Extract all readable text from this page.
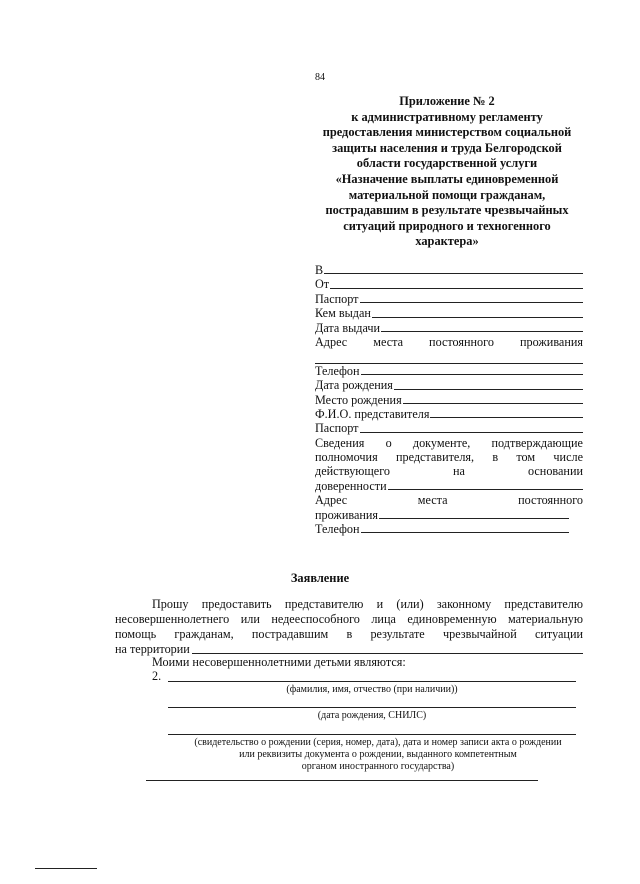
84
Приложение № 2
к административному регламенту
предоставления министерством социальной
защиты населения и труда Белгородской
области государственной услуги
«Назначение выплаты единовременной
материальной помощи гражданам,
пострадавшим в результате чрезвычайных
ситуаций природного и техногенного
характера»
В
От
Паспорт
Кем выдан
Дата выдачи
Адрес места постоянного проживания
Телефон
Дата рождения
Место рождения
Ф.И.О. представителя
Паспорт
Сведения о документе, подтверждающие
полномочия представителя, в том числе
действующего	на	основании
доверенности
Адрес	места	постоянного
проживания
Телефон
Заявление
Прошу предоставить представителю и (или) законному представителю
несовершеннолетнего или недееспособного лица единовременную материальную
помощь гражданам, пострадавшим в результате чрезвычайной ситуации
на территории
Моими несовершеннолетними детьми являются:
2.
(фамилия, имя, отчество (при наличии))
(дата рождения, СНИЛС)
(свидетельство о рождении (серия, номер, дата), дата и номер записи акта о рождении
или реквизиты документа о рождении, выданного компетентным
органом иностранного государства)
